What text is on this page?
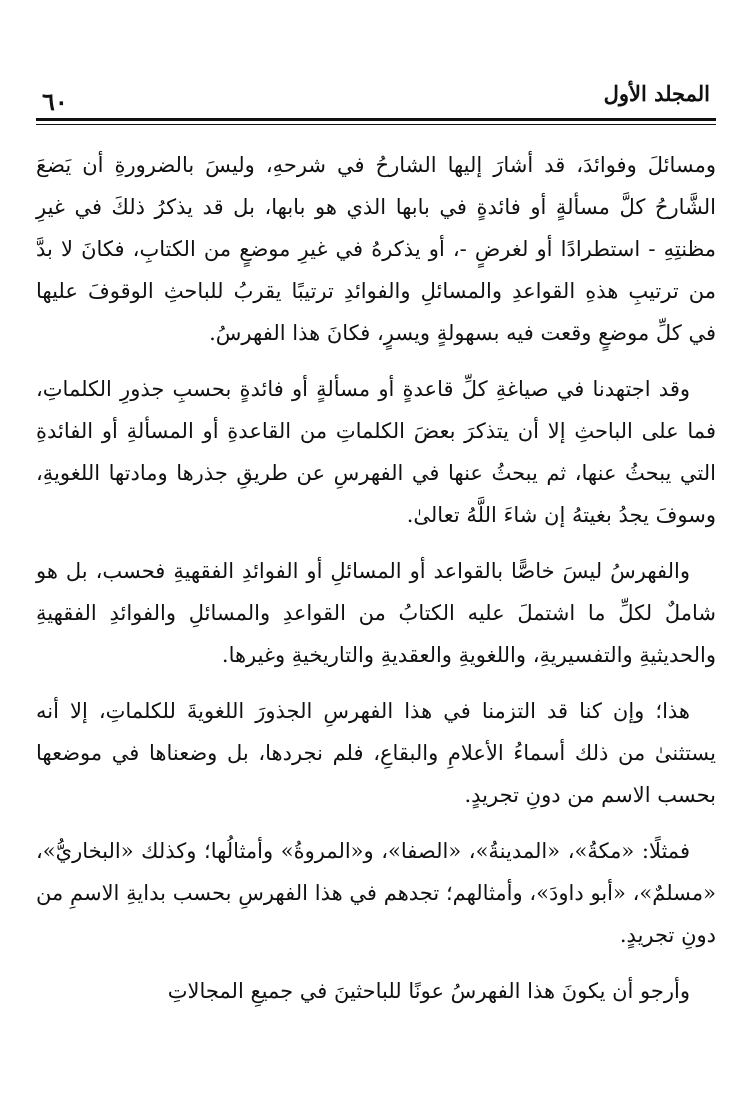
المجلد الأول
٦٠

ومسائلَ وفوائدَ، قد أشارَ إليها الشارحُ في شرحهِ، وليسَ بالضرورةِ أن يَضعَ الشَّارحُ كلَّ مسألةٍ أو فائدةٍ في بابها الذي هو بابها، بل قد يذكرُ ذلكَ في غيرِ مظنتِهِ - استطرادًا أو لغرضٍ -، أو يذكرهُ في غيرِ موضعٍ من الكتابِ، فكانَ لا بدَّ من ترتيبِ هذهِ القواعدِ والمسائلِ والفوائدِ ترتيبًا يقربُ للباحثِ الوقوفَ عليها في كلِّ موضعٍ وقعت فيه بسهولةٍ ويسرٍ، فكانَ هذا الفهرسُ.

وقد اجتهدنا في صياغةِ كلِّ قاعدةٍ أو مسألةٍ أو فائدةٍ بحسبِ جذورِ الكلماتِ، فما على الباحثِ إلا أن يتذكرَ بعضَ الكلماتِ من القاعدةِ أو المسألةِ أو الفائدةِ التي يبحثُ عنها، ثم يبحثُ عنها في الفهرسِ عن طريقِ جذرها ومادتها اللغويةِ، وسوفَ يجدُ بغيتهُ إن شاءَ اللَّهُ تعالىٰ.

والفهرسُ ليسَ خاصًّا بالقواعد أو المسائلِ أو الفوائدِ الفقهيةِ فحسب، بل هو شاملٌ لكلِّ ما اشتملَ عليه الكتابُ من القواعدِ والمسائلِ والفوائدِ الفقهيةِ والحديثيةِ والتفسيريةِ، واللغويةِ والعقديةِ والتاريخيةِ وغيرها.

هذا؛ وإن كنا قد التزمنا في هذا الفهرسِ الجذورَ اللغويةَ للكلماتِ، إلا أنه يستثنىٰ من ذلك أسماءُ الأعلامِ والبقاعِ، فلم نجردها، بل وضعناها في موضعها بحسب الاسم من دونِ تجريدٍ.

فمثلًا: «مكةُ»، «المدينةُ»، «الصفا»، و«المروةُ» وأمثالُها؛ وكذلك «البخاريُّ»، «مسلمٌ»، «أبو داودَ»، وأمثالهم؛ تجدهم في هذا الفهرسِ بحسب بدايةِ الاسمِ من دونِ تجريدٍ.

وأرجو أن يكونَ هذا الفهرسُ عونًا للباحثينَ في جميعِ المجالاتِ
